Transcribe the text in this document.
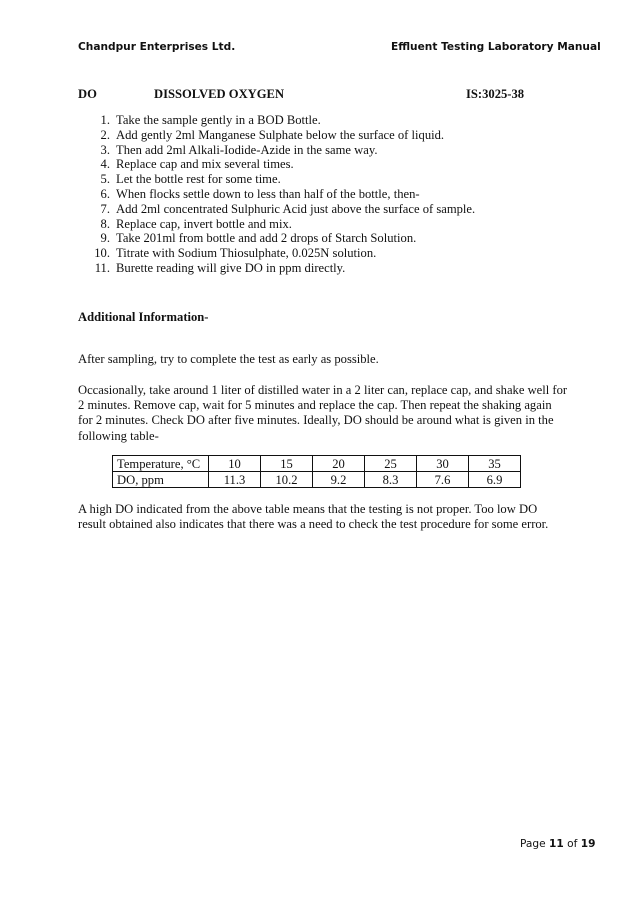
Chandpur Enterprises Ltd.	Effluent Testing Laboratory Manual
DO	DISSOLVED OXYGEN	IS:3025-38
1. Take the sample gently in a BOD Bottle.
2. Add gently 2ml Manganese Sulphate below the surface of liquid.
3. Then add 2ml Alkali-Iodide-Azide in the same way.
4. Replace cap and mix several times.
5. Let the bottle rest for some time.
6. When flocks settle down to less than half of the bottle, then-
7. Add 2ml concentrated Sulphuric Acid just above the surface of sample.
8. Replace cap, invert bottle and mix.
9. Take 201ml from bottle and add 2 drops of Starch Solution.
10. Titrate with Sodium Thiosulphate, 0.025N solution.
11. Burette reading will give DO in ppm directly.
Additional Information-
After sampling, try to complete the test as early as possible.
Occasionally, take around 1 liter of distilled water in a 2 liter can, replace cap, and shake well for
2 minutes. Remove cap, wait for 5 minutes and replace the cap. Then repeat the shaking again
for 2 minutes. Check DO after five minutes. Ideally, DO should be around what is given in the
following table-
Temperature, °C	10	15	20	25	30	35
DO, ppm	11.3	10.2	9.2	8.3	7.6	6.9
A high DO indicated from the above table means that the testing is not proper. Too low DO
result obtained also indicates that there was a need to check the test procedure for some error.
Page 11 of 19
